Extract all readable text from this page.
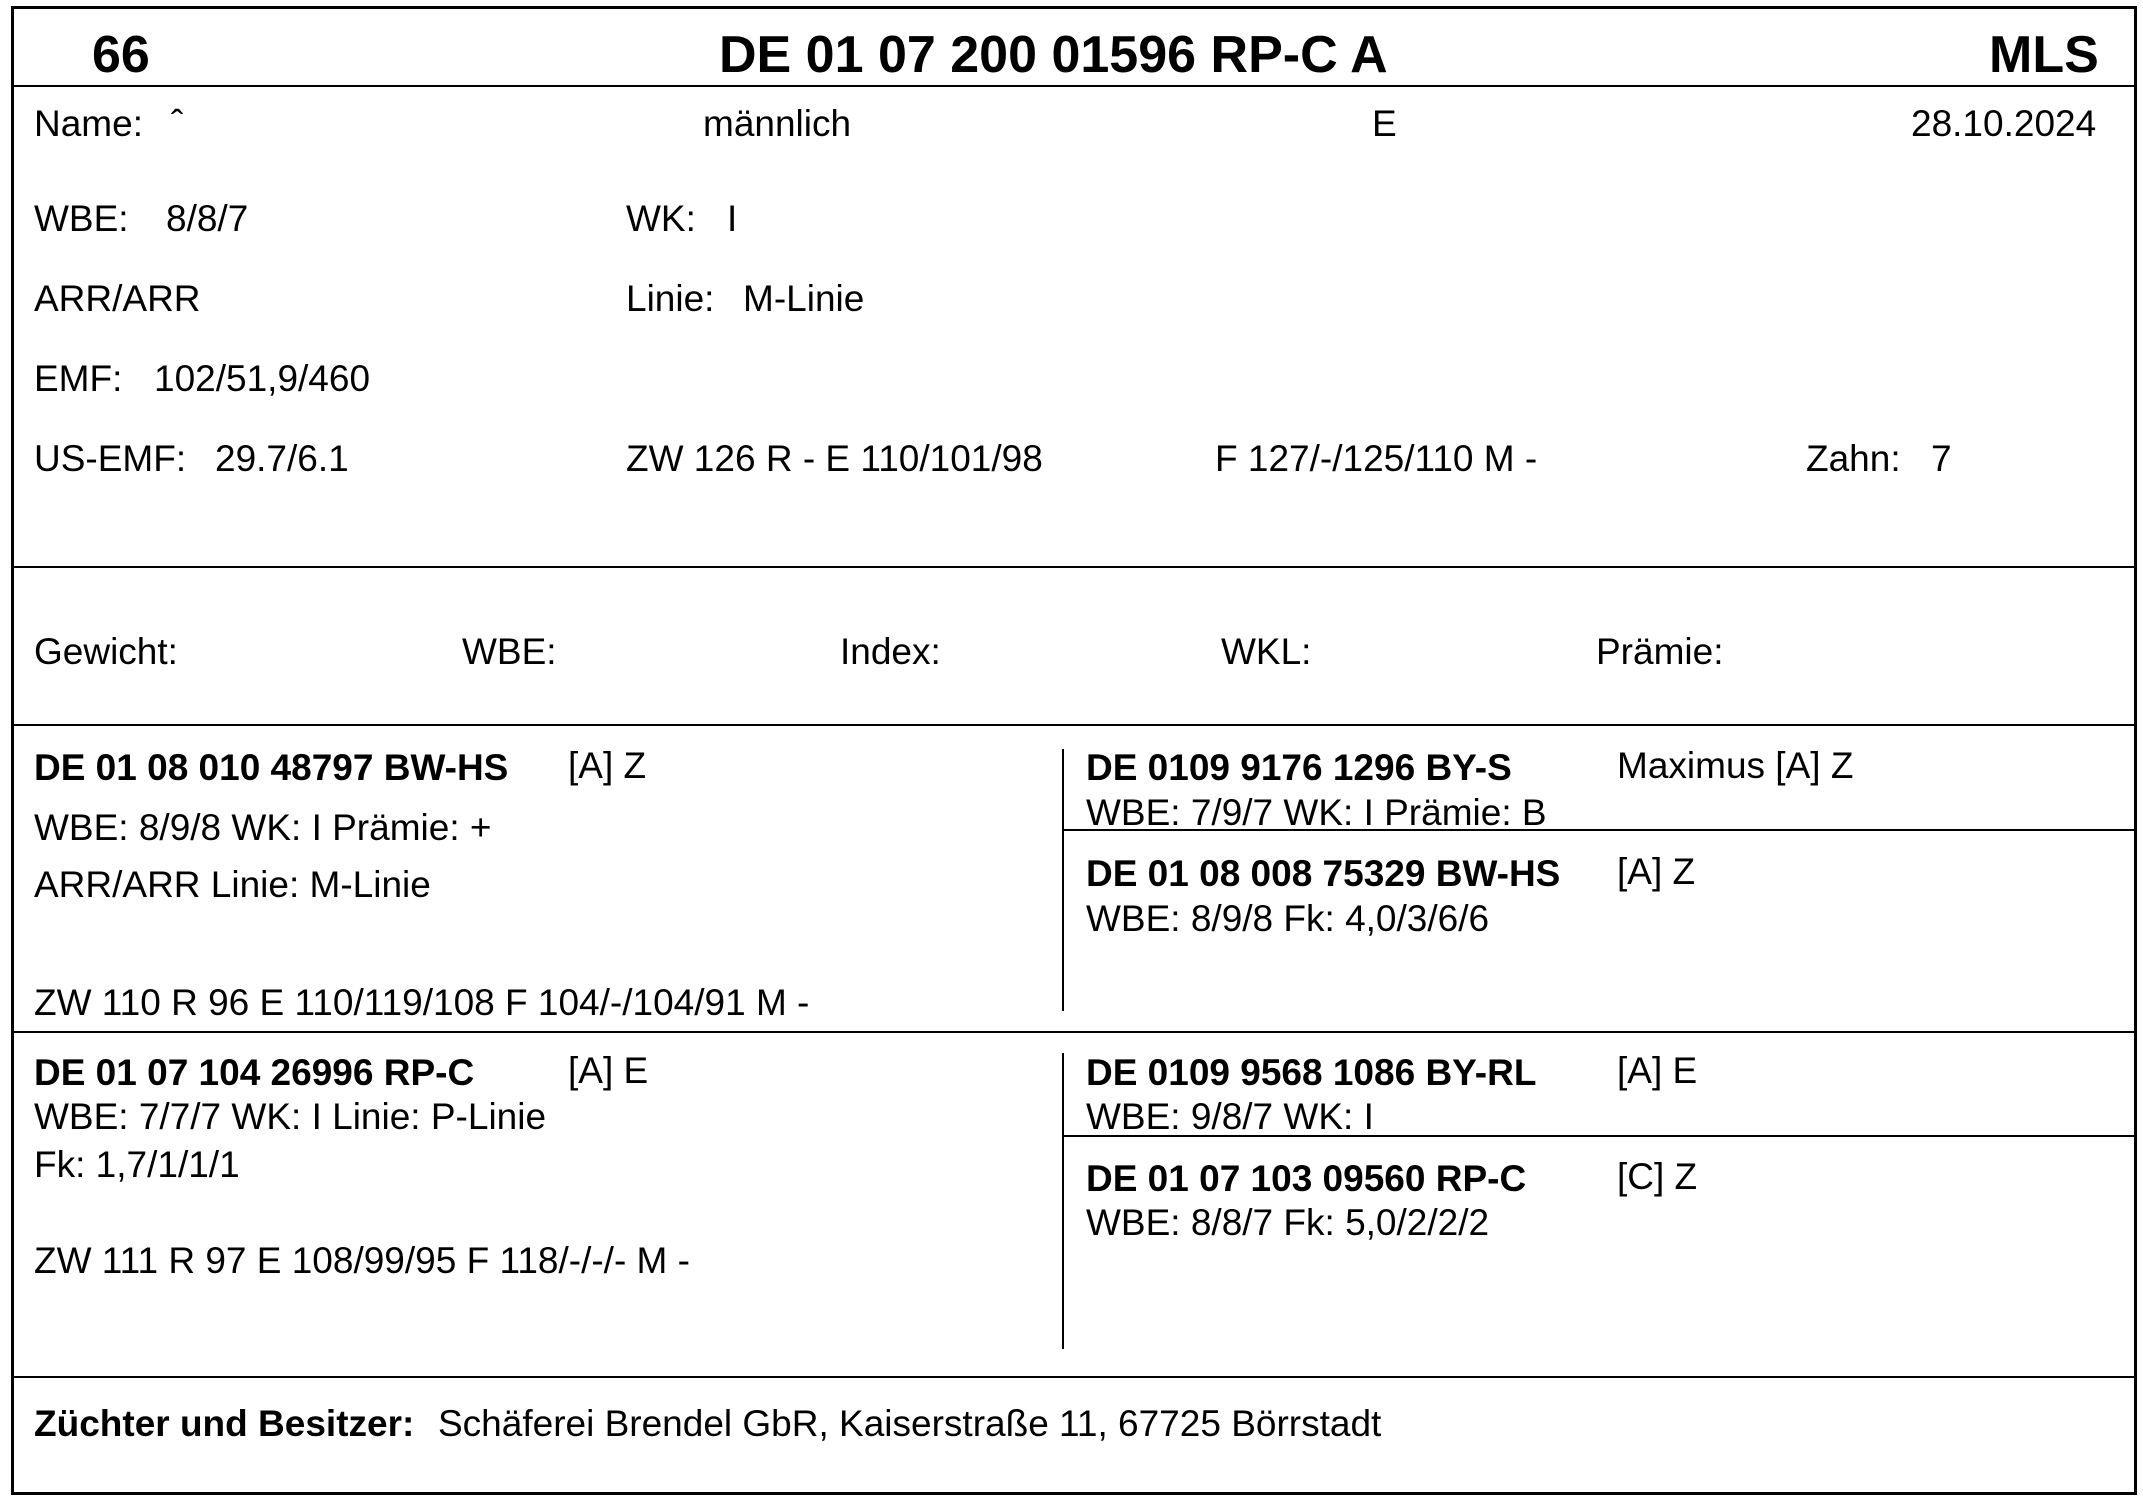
66	DE 01 07 200 01596 RP-C A	MLS
Name: ˆ	männlich	E	28.10.2024
WBE: 8/8/7	WK: I
ARR/ARR	Linie: M-Linie
EMF: 102/51,9/460
US-EMF: 29.7/6.1	ZW 126 R - E 110/101/98	F 127/-/125/110 M -	Zahn: 7
Gewicht:	WBE:	Index:	WKL:	Prämie:
DE 01 08 010 48797 BW-HS [A] Z
WBE: 8/9/8 WK: I Prämie: +
ARR/ARR Linie: M-Linie
ZW 110 R 96 E 110/119/108 F 104/-/104/91 M -
DE 0109 9176 1296 BY-S	Maximus [A] Z
WBE: 7/9/7 WK: I Prämie: B
DE 01 08 008 75329 BW-HS [A] Z
WBE: 8/9/8 Fk: 4,0/3/6/6
DE 01 07 104 26996 RP-C	[A] E
WBE: 7/7/7 WK: I Linie: P-Linie
Fk: 1,7/1/1/1
ZW 111 R 97 E 108/99/95 F 118/-/-/- M -
DE 0109 9568 1086 BY-RL [A] E
WBE: 9/8/7 WK: I
DE 01 07 103 09560 RP-C [C] Z
WBE: 8/8/7 Fk: 5,0/2/2/2
Züchter und Besitzer: Schäferei Brendel GbR, Kaiserstraße 11, 67725 Börrstadt
